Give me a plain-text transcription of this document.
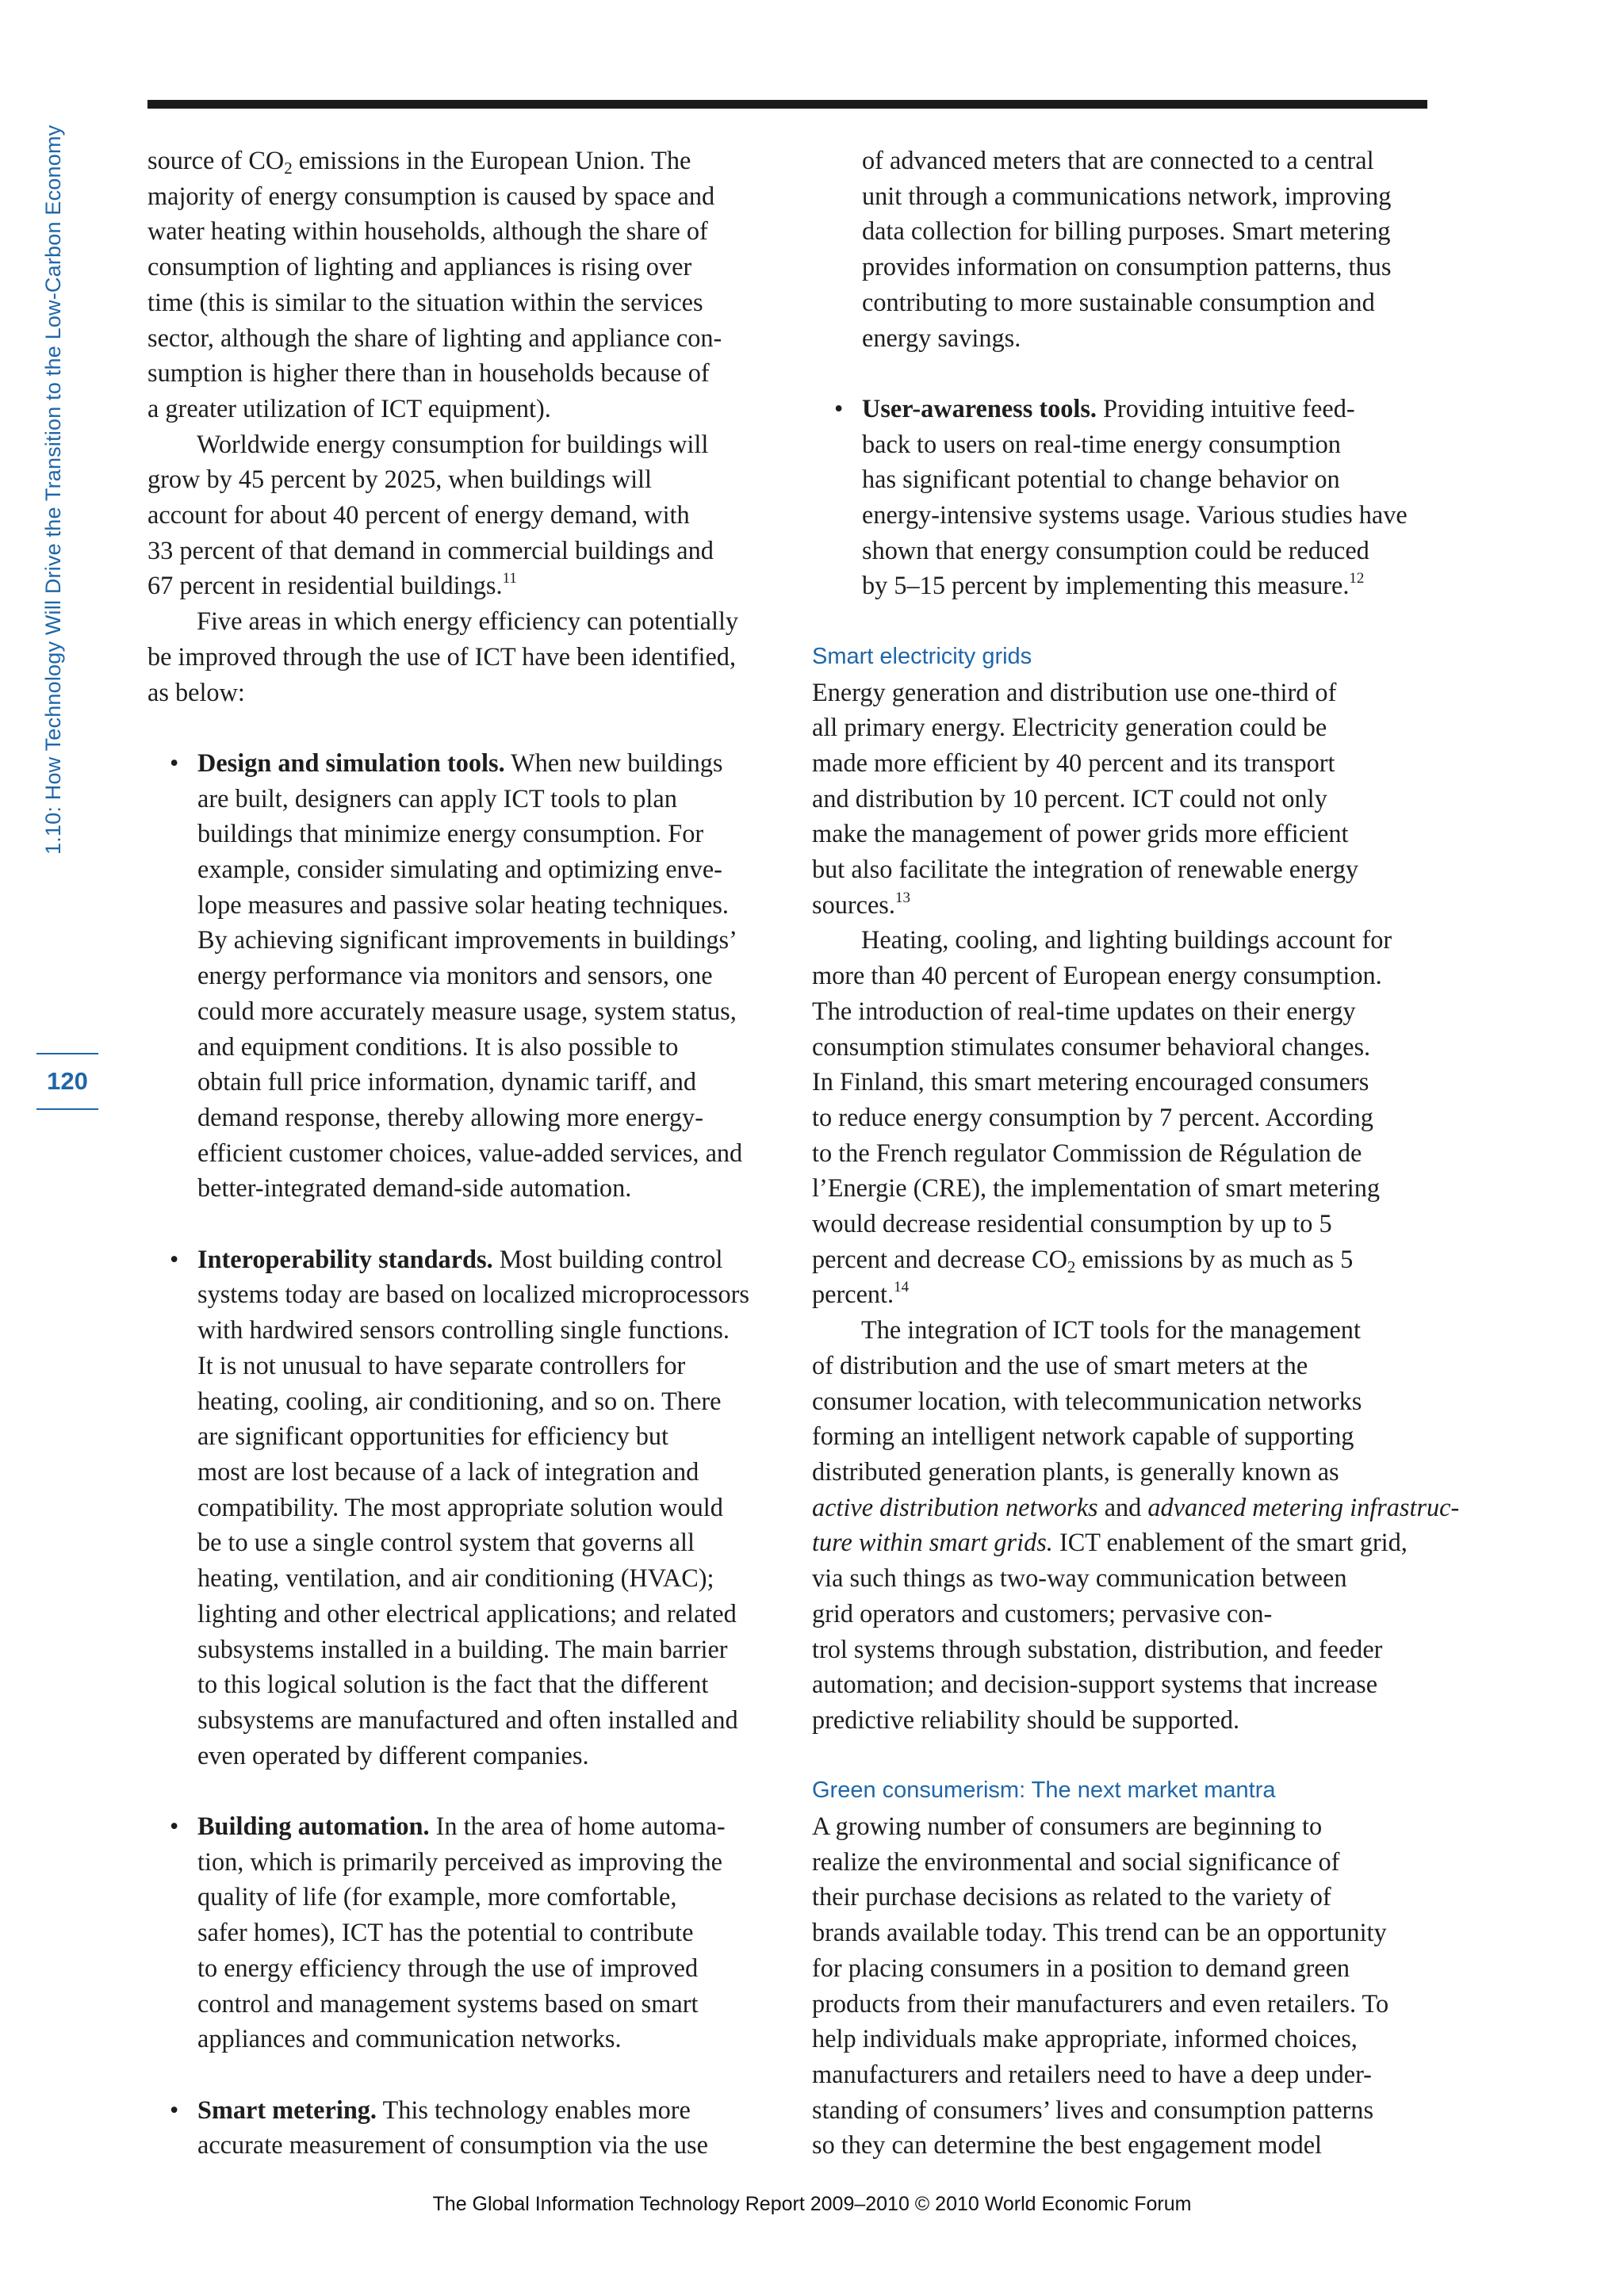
1.10: How Technology Will Drive the Transition to the Low-Carbon Economy
120

source of $CO_2$ emissions in the European Union. The
majority of energy consumption is caused by space and
water heating within households, although the share of
consumption of lighting and appliances is rising over
time (this is similar to the situation within the services
sector, although the share of lighting and appliance con-
sumption is higher there than in households because of
a greater utilization of ICT equipment).

Worldwide energy consumption for buildings will
grow by 45 percent by 2025, when buildings will
account for about 40 percent of energy demand, with
33 percent of that demand in commercial buildings and
67 percent in residential buildings.$^{11}$

Five areas in which energy efficiency can potentially
be improved through the use of ICT have been identified,
as below:

• Design and simulation tools. When new buildings
are built, designers can apply ICT tools to plan
buildings that minimize energy consumption. For
example, consider simulating and optimizing enve-
lope measures and passive solar heating techniques.
By achieving significant improvements in buildings’
energy performance via monitors and sensors, one
could more accurately measure usage, system status,
and equipment conditions. It is also possible to
obtain full price information, dynamic tariff, and
demand response, thereby allowing more energy-
efficient customer choices, value-added services, and
better-integrated demand-side automation.
• Interoperability standards. Most building control
systems today are based on localized microprocessors
with hardwired sensors controlling single functions.
It is not unusual to have separate controllers for
heating, cooling, air conditioning, and so on. There
are significant opportunities for efficiency but
most are lost because of a lack of integration and
compatibility. The most appropriate solution would
be to use a single control system that governs all
heating, ventilation, and air conditioning (HVAC);
lighting and other electrical applications; and related
subsystems installed in a building. The main barrier
to this logical solution is the fact that the different
subsystems are manufactured and often installed and
even operated by different companies.
• Building automation. In the area of home automa-
tion, which is primarily perceived as improving the
quality of life (for example, more comfortable,
safer homes), ICT has the potential to contribute
to energy efficiency through the use of improved
control and management systems based on smart
appliances and communication networks.
• Smart metering. This technology enables more
accurate measurement of consumption via the use
of advanced meters that are connected to a central
unit through a communications network, improving
data collection for billing purposes. Smart metering
provides information on consumption patterns, thus
contributing to more sustainable consumption and
energy savings.
• User-awareness tools. Providing intuitive feed-
back to users on real-time energy consumption
has significant potential to change behavior on
energy-intensive systems usage. Various studies have
shown that energy consumption could be reduced
by 5–15 percent by implementing this measure.$^{12}$
Smart electricity grids

Energy generation and distribution use one-third of
all primary energy. Electricity generation could be
made more efficient by 40 percent and its transport
and distribution by 10 percent. ICT could not only
make the management of power grids more efficient
but also facilitate the integration of renewable energy
sources.$^{13}$

Heating, cooling, and lighting buildings account for
more than 40 percent of European energy consumption.
The introduction of real-time updates on their energy
consumption stimulates consumer behavioral changes.
In Finland, this smart metering encouraged consumers
to reduce energy consumption by 7 percent. According
to the French regulator Commission de Régulation de
l’Energie (CRE), the implementation of smart metering
would decrease residential consumption by up to 5
percent and decrease $CO_2$ emissions by as much as 5
percent.$^{14}$

The integration of ICT tools for the management
of distribution and the use of smart meters at the
consumer location, with telecommunication networks
forming an intelligent network capable of supporting
distributed generation plants, is generally known as
active distribution networks and advanced metering infrastruc-
ture within smart grids. ICT enablement of the smart grid,
via such things as two-way communication between
grid operators and customers; pervasive con-
trol systems through substation, distribution, and feeder
automation; and decision-support systems that increase
predictive reliability should be supported.

Green consumerism: The next market mantra

A growing number of consumers are beginning to
realize the environmental and social significance of
their purchase decisions as related to the variety of
brands available today. This trend can be an opportunity
for placing consumers in a position to demand green
products from their manufacturers and even retailers. To
help individuals make appropriate, informed choices,
manufacturers and retailers need to have a deep under-
standing of consumers’ lives and consumption patterns
so they can determine the best engagement model

The Global Information Technology Report 2009–2010 © 2010 World Economic Forum
